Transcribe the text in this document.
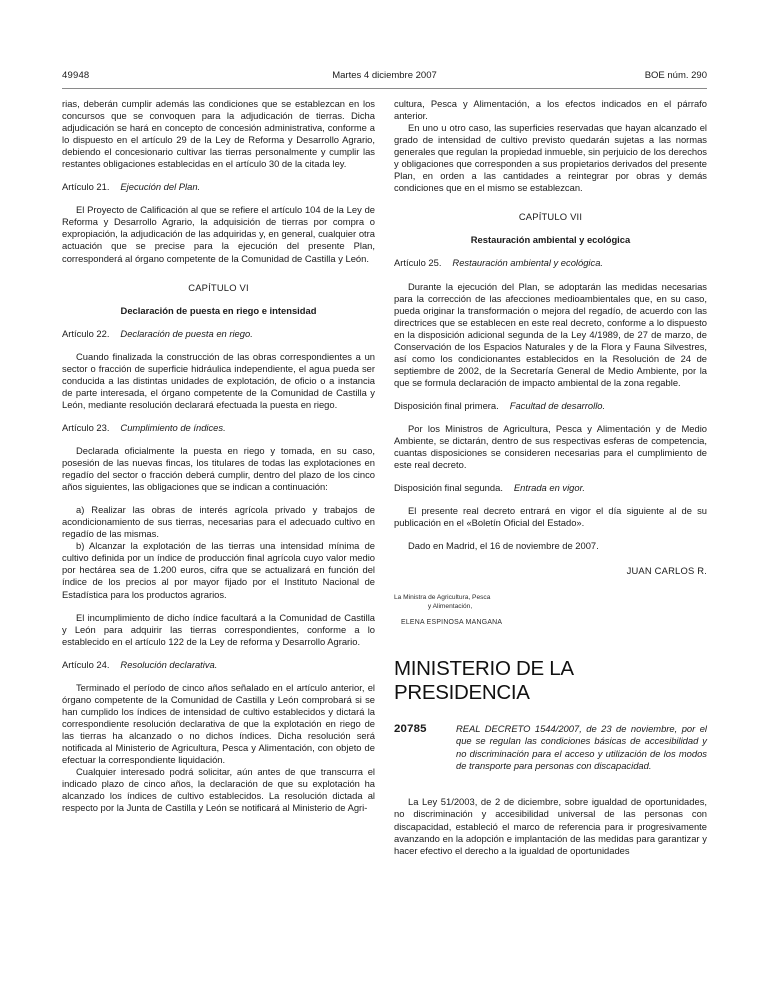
49948	Martes 4 diciembre 2007	BOE núm. 290

rias, deberán cumplir además las condiciones que se establezcan en los concursos que se convoquen para la adjudicación de tierras. Dicha adjudicación se hará en concepto de concesión administrativa, conforme a lo dispuesto en el artículo 29 de la Ley de Reforma y Desarrollo Agrario, debiendo el concesionario cultivar las tierras personalmente y cumplir las restantes obligaciones establecidas en el artículo 30 de la citada ley.

Artículo 21. Ejecución del Plan.

El Proyecto de Calificación al que se refiere el artículo 104 de la Ley de Reforma y Desarrollo Agrario, la adquisición de tierras por compra o expropiación, la adjudicación de las adquiridas y, en general, cualquier otra actuación que se precise para la ejecución del presente Plan, corresponderá al órgano competente de la Comunidad de Castilla y León.

CAPÍTULO VI

Declaración de puesta en riego e intensidad

Artículo 22. Declaración de puesta en riego.

Cuando finalizada la construcción de las obras correspondientes a un sector o fracción de superficie hidráulica independiente, el agua pueda ser conducida a las distintas unidades de explotación, de oficio o a instancia de parte interesada, el órgano competente de la Comunidad de Castilla y León, mediante resolución declarará efectuada la puesta en riego.

Artículo 23. Cumplimiento de índices.

Declarada oficialmente la puesta en riego y tomada, en su caso, posesión de las nuevas fincas, los titulares de todas las explotaciones en regadío del sector o fracción deberá cumplir, dentro del plazo de los cinco años siguientes, las obligaciones que se indican a continuación:

a) Realizar las obras de interés agrícola privado y trabajos de acondicionamiento de sus tierras, necesarias para el adecuado cultivo en regadío de las mismas.

b) Alcanzar la explotación de las tierras una intensidad mínima de cultivo definida por un índice de producción final agrícola cuyo valor medio por hectárea sea de 1.200 euros, cifra que se actualizará en función del índice de los precios al por mayor fijado por el Instituto Nacional de Estadística para los productos agrarios.

El incumplimiento de dicho índice facultará a la Comunidad de Castilla y León para adquirir las tierras correspondientes, conforme a lo establecido en el artículo 122 de la Ley de reforma y Desarrollo Agrario.

Artículo 24. Resolución declarativa.

Terminado el período de cinco años señalado en el artículo anterior, el órgano competente de la Comunidad de Castilla y León comprobará si se han cumplido los índices de intensidad de cultivo establecidos y dictará la correspondiente resolución declarativa de que la explotación en riego de las tierras ha alcanzado o no dichos índices. Dicha resolución será notificada al Ministerio de Agricultura, Pesca y Alimentación, con objeto de efectuar la correspondiente liquidación.

Cualquier interesado podrá solicitar, aún antes de que transcurra el indicado plazo de cinco años, la declaración de que su explotación ha alcanzado los índices de cultivo establecidos. La resolución dictada al respecto por la Junta de Castilla y León se notificará al Ministerio de Agri-

cultura, Pesca y Alimentación, a los efectos indicados en el párrafo anterior.

En uno u otro caso, las superficies reservadas que hayan alcanzado el grado de intensidad de cultivo previsto quedarán sujetas a las normas generales que regulan la propiedad inmueble, sin perjuicio de los derechos y obligaciones que corresponden a sus propietarios derivados del presente Plan, en orden a las cantidades a reintegrar por obras y demás condiciones que en el mismo se establezcan.

CAPÍTULO VII

Restauración ambiental y ecológica

Artículo 25. Restauración ambiental y ecológica.

Durante la ejecución del Plan, se adoptarán las medidas necesarias para la corrección de las afecciones medioambientales que, en su caso, pueda originar la transformación o mejora del regadío, de acuerdo con las directrices que se establecen en este real decreto, conforme a lo dispuesto en la disposición adicional segunda de la Ley 4/1989, de 27 de marzo, de Conservación de los Espacios Naturales y de la Flora y Fauna Silvestres, así como los condicionantes establecidos en la Resolución de 24 de septiembre de 2002, de la Secretaría General de Medio Ambiente, por la que se formula declaración de impacto ambiental de la zona regable.

Disposición final primera. Facultad de desarrollo.

Por los Ministros de Agricultura, Pesca y Alimentación y de Medio Ambiente, se dictarán, dentro de sus respectivas esferas de competencia, cuantas disposiciones se consideren necesarias para el cumplimiento de este real decreto.

Disposición final segunda. Entrada en vigor.

El presente real decreto entrará en vigor el día siguiente al de su publicación en el «Boletín Oficial del Estado».

Dado en Madrid, el 16 de noviembre de 2007.

JUAN CARLOS R.

La Ministra de Agricultura, Pesca
y Alimentación,
ELENA ESPINOSA MANGANA
MINISTERIO DE LA PRESIDENCIA
20785	REAL DECRETO 1544/2007, de 23 de noviembre, por el que se regulan las condiciones básicas de accesibilidad y no discriminación para el acceso y utilización de los modos de transporte para personas con discapacidad.

La Ley 51/2003, de 2 de diciembre, sobre igualdad de oportunidades, no discriminación y accesibilidad universal de las personas con discapacidad, estableció el marco de referencia para ir progresivamente avanzando en la adopción e implantación de las medidas para garantizar y hacer efectivo el derecho a la igualdad de oportunidades
